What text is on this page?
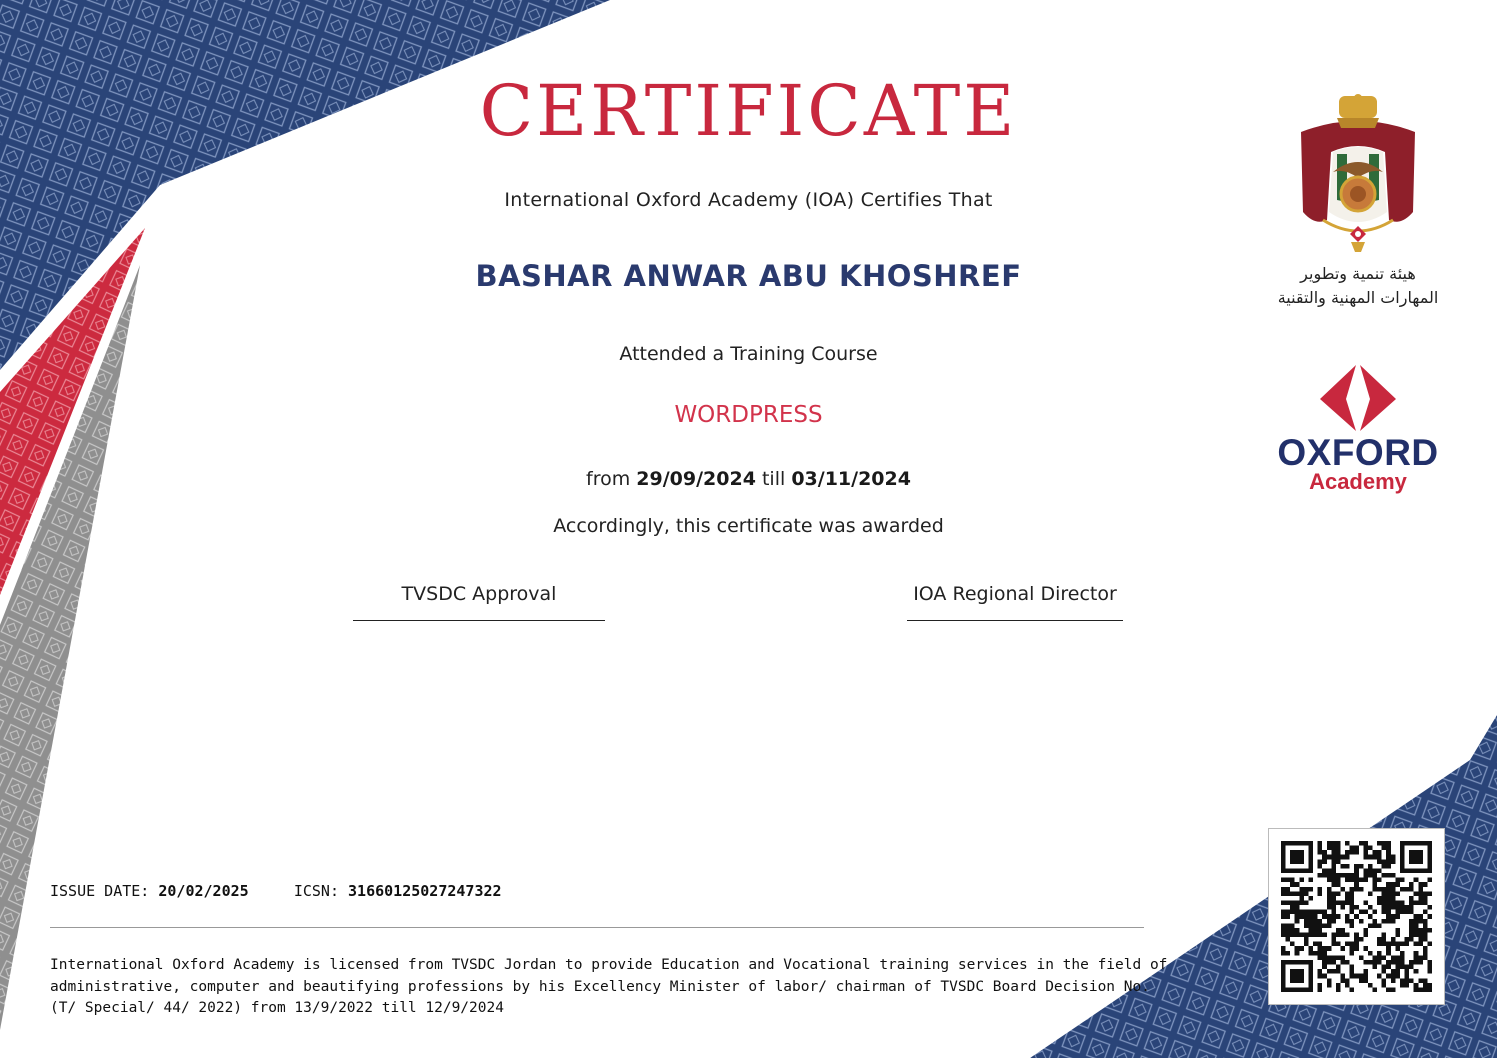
CERTIFICATE
International Oxford Academy (IOA) Certifies That
BASHAR ANWAR ABU KHOSHREF
Attended a Training Course
WORDPRESS
from 29/09/2024 till 03/11/2024
Accordingly, this certificate was awarded
TVSDC Approval	IOA Regional Director
ISSUE DATE: 20/02/2025	ICSN: 31660125027247322
International Oxford Academy is licensed from TVSDC Jordan to provide Education and Vocational training services in the field of administrative, computer and beautifying professions by his Excellency Minister of labor/ chairman of TVSDC Board Decision No. (T/ Special/ 44/ 2022) from 13/9/2022 till 12/9/2024
هيئة تنمية وتطوير
المهارات المهنية والتقنية
OXFORD
Academy
